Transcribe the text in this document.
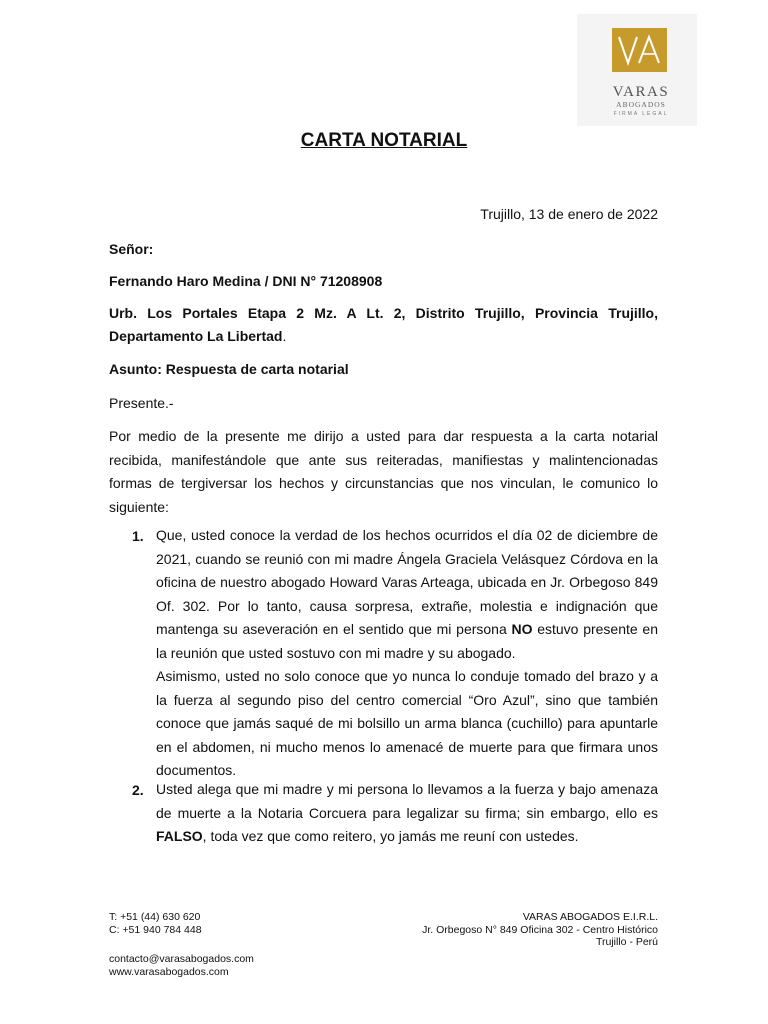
VARAS
ABOGADOS
FIRMA LEGAL
CARTA NOTARIAL
Trujillo, 13 de enero de 2022
Señor:
Fernando Haro Medina / DNI N° 71208908
Urb. Los Portales Etapa 2 Mz. A Lt. 2, Distrito Trujillo, Provincia Trujillo, Departamento La Libertad.
Asunto: Respuesta de carta notarial
Presente.-
Por medio de la presente me dirijo a usted para dar respuesta a la carta notarial recibida, manifestándole que ante sus reiteradas, manifiestas y malintencionadas formas de tergiversar los hechos y circunstancias que nos vinculan, le comunico lo siguiente:
1. Que, usted conoce la verdad de los hechos ocurridos el día 02 de diciembre de 2021, cuando se reunió con mi madre Ángela Graciela Velásquez Córdova en la oficina de nuestro abogado Howard Varas Arteaga, ubicada en Jr. Orbegoso 849 Of. 302. Por lo tanto, causa sorpresa, extrañe, molestia e indignación que mantenga su aseveración en el sentido que mi persona NO estuvo presente en la reunión que usted sostuvo con mi madre y su abogado.
Asimismo, usted no solo conoce que yo nunca lo conduje tomado del brazo y a la fuerza al segundo piso del centro comercial “Oro Azul”, sino que también conoce que jamás saqué de mi bolsillo un arma blanca (cuchillo) para apuntarle en el abdomen, ni mucho menos lo amenacé de muerte para que firmara unos documentos.
2. Usted alega que mi madre y mi persona lo llevamos a la fuerza y bajo amenaza de muerte a la Notaria Corcuera para legalizar su firma; sin embargo, ello es FALSO, toda vez que como reitero, yo jamás me reuní con ustedes.
T: +51 (44) 630 620
C: +51 940 784 448
contacto@varasabogados.com
www.varasabogados.com
VARAS ABOGADOS E.I.R.L.
Jr. Orbegoso N° 849 Oficina 302 - Centro Histórico
Trujillo - Perú
